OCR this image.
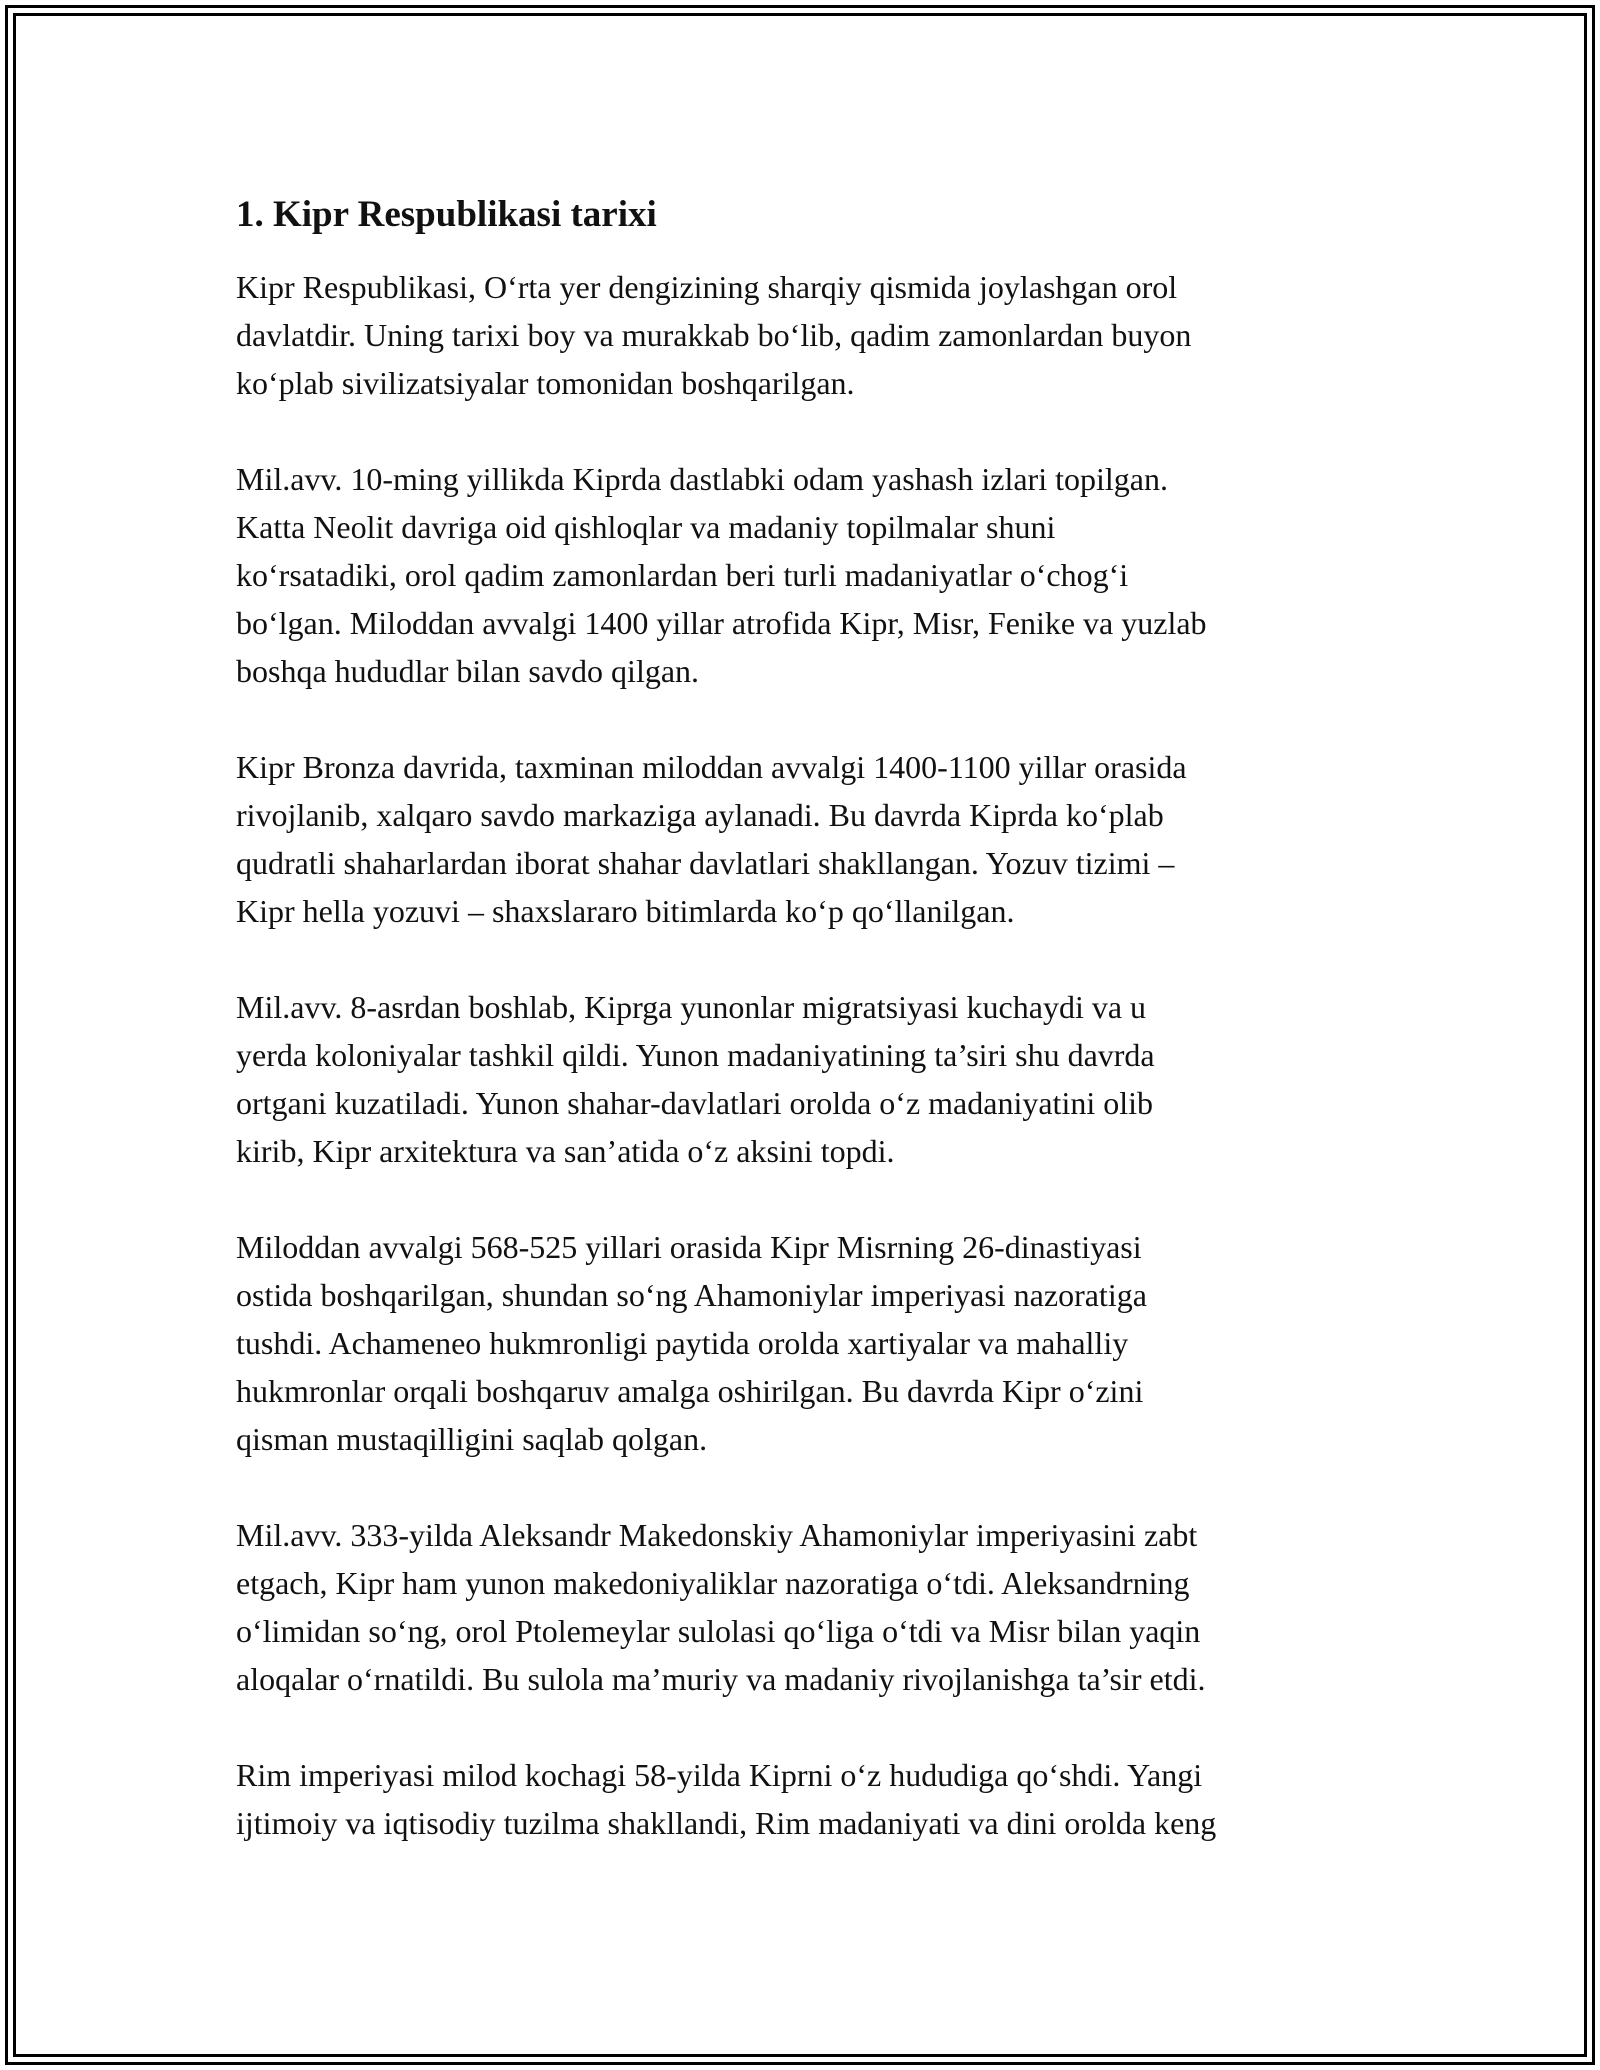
1. Kipr Respublikasi tarixi
Kipr Respublikasi, O‘rta yer dengizining sharqiy qismida joylashgan orol
davlatdir. Uning tarixi boy va murakkab bo‘lib, qadim zamonlardan buyon
ko‘plab sivilizatsiyalar tomonidan boshqarilgan.
Mil.avv. 10-ming yillikda Kiprda dastlabki odam yashash izlari topilgan.
Katta Neolit davriga oid qishloqlar va madaniy topilmalar shuni
ko‘rsatadiki, orol qadim zamonlardan beri turli madaniyatlar o‘chog‘i
bo‘lgan. Miloddan avvalgi 1400 yillar atrofida Kipr, Misr, Fenike va yuzlab
boshqa hududlar bilan savdo qilgan.
Kipr Bronza davrida, taxminan miloddan avvalgi 1400-1100 yillar orasida
rivojlanib, xalqaro savdo markaziga aylanadi. Bu davrda Kiprda ko‘plab
qudratli shaharlardan iborat shahar davlatlari shakllangan. Yozuv tizimi –
Kipr hella yozuvi – shaxslararo bitimlarda ko‘p qo‘llanilgan.
Mil.avv. 8-asrdan boshlab, Kiprga yunonlar migratsiyasi kuchaydi va u
yerda koloniyalar tashkil qildi. Yunon madaniyatining ta’siri shu davrda
ortgani kuzatiladi. Yunon shahar-davlatlari orolda o‘z madaniyatini olib
kirib, Kipr arxitektura va san’atida o‘z aksini topdi.
Miloddan avvalgi 568-525 yillari orasida Kipr Misrning 26-dinastiyasi
ostida boshqarilgan, shundan so‘ng Ahamoniylar imperiyasi nazoratiga
tushdi. Achameneo hukmronligi paytida orolda xartiyalar va mahalliy
hukmronlar orqali boshqaruv amalga oshirilgan. Bu davrda Kipr o‘zini
qisman mustaqilligini saqlab qolgan.
Mil.avv. 333-yilda Aleksandr Makedonskiy Ahamoniylar imperiyasini zabt
etgach, Kipr ham yunon makedoniyaliklar nazoratiga o‘tdi. Aleksandrning
o‘limidan so‘ng, orol Ptolemeylar sulolasi qo‘liga o‘tdi va Misr bilan yaqin
aloqalar o‘rnatildi. Bu sulola ma’muriy va madaniy rivojlanishga ta’sir etdi.
Rim imperiyasi milod kochagi 58-yilda Kiprni o‘z hududiga qo‘shdi. Yangi
ijtimoiy va iqtisodiy tuzilma shakllandi, Rim madaniyati va dini orolda keng
